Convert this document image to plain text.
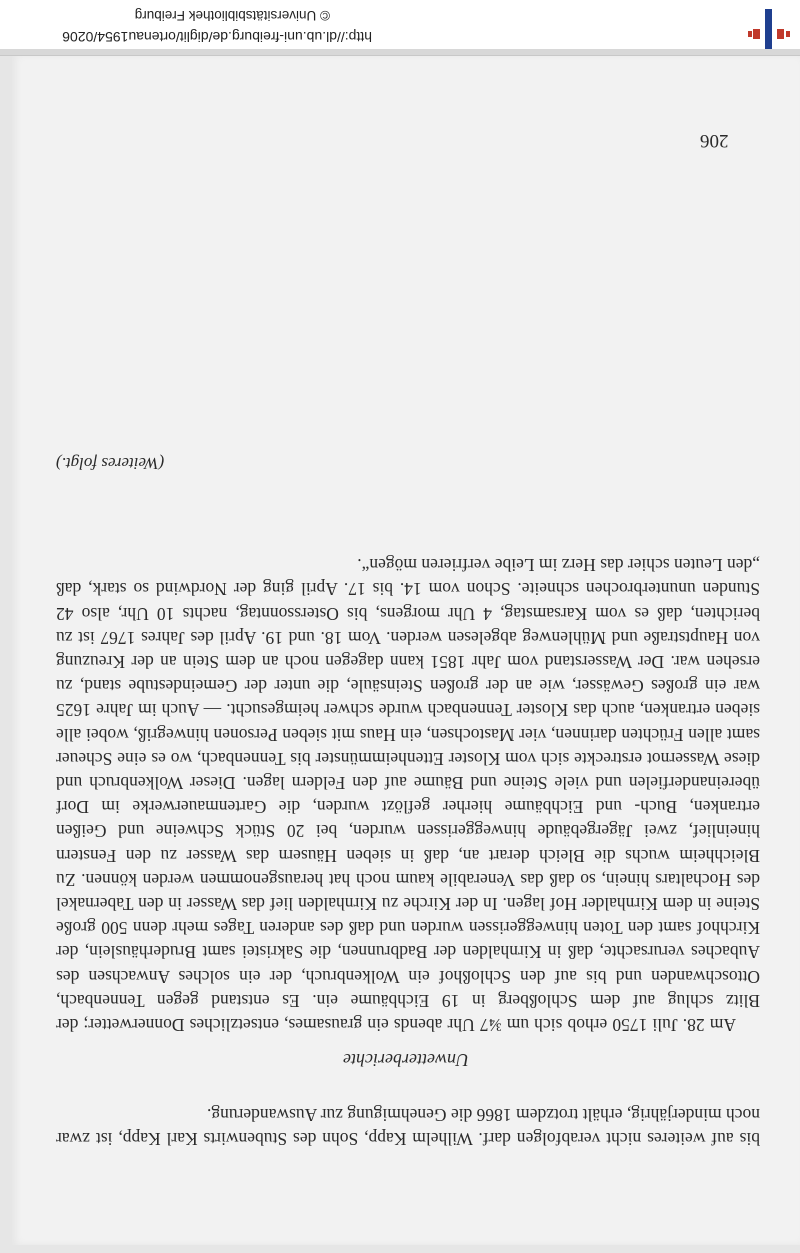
bis auf weiteres nicht verabfolgen darf. Wilhelm Kapp, Sohn des Stubenwirts Karl Kapp, ist zwar noch minderjährig, erhält trotzdem 1866 die Genehmigung zur Auswanderung.

Unwetterberichte

Am 28. Juli 1750 erhob sich um ¾7 Uhr abends ein grausames, entsetzliches Donnerwetter; der Blitz schlug auf dem Schloßberg in 19 Eichbäume ein. Es entstand gegen Tennenbach, Ottoschwanden und bis auf den Schloßhof ein Wolkenbruch, der ein solches Anwachsen des Aubaches verursachte, daß in Kirnhalden der Badbrunnen, die Sakristei samt Bruderhäuslein, der Kirchhof samt den Toten hinweggerissen wurden und daß des anderen Tages mehr denn 500 große Steine in dem Kirnhalder Hof lagen. In der Kirche zu Kirnhalden lief das Wasser in den Tabernakel des Hochaltars hinein, so daß das Venerabile kaum noch hat herausgenommen werden können. Zu Bleichheim wuchs die Bleich derart an, daß in sieben Häusern das Wasser zu den Fenstern hineinlief, zwei Jägergebäude hinweggerissen wurden, bei 20 Stück Schweine und Geißen ertranken, Buch- und Eichbäume hierher geflözt wurden, die Gartenmauerwerke im Dorf übereinanderfielen und viele Steine und Bäume auf den Feldern lagen. Dieser Wolkenbruch und diese Wassernot erstreckte sich vom Kloster Ettenheimmünster bis Tennenbach, wo es eine Scheuer samt allen Früchten darinnen, vier Mastochsen, ein Haus mit sieben Personen hinwegriß, wobei alle sieben ertranken, auch das Kloster Tennenbach wurde schwer heimgesucht. — Auch im Jahre 1625 war ein großes Gewässer, wie an der großen Steinsäule, die unter der Gemeindestube stand, zu ersehen war. Der Wasserstand vom Jahr 1851 kann dagegen noch an dem Stein an der Kreuzung von Hauptstraße und Mühlenweg abgelesen werden. Vom 18. und 19. April des Jahres 1767 ist zu berichten, daß es vom Karsamstag, 4 Uhr morgens, bis Osterssonntag, nachts 10 Uhr, also 42 Stunden ununterbrochen schneite. Schon vom 14. bis 17. April ging der Nordwind so stark, daß „den Leuten schier das Herz im Leibe verfrieren mögen“.

(Weiteres folgt.)
206
http://dl.ub.uni-freiburg.de/diglit/ortenau1954/0206
© Universitätsbibliothek Freiburg
